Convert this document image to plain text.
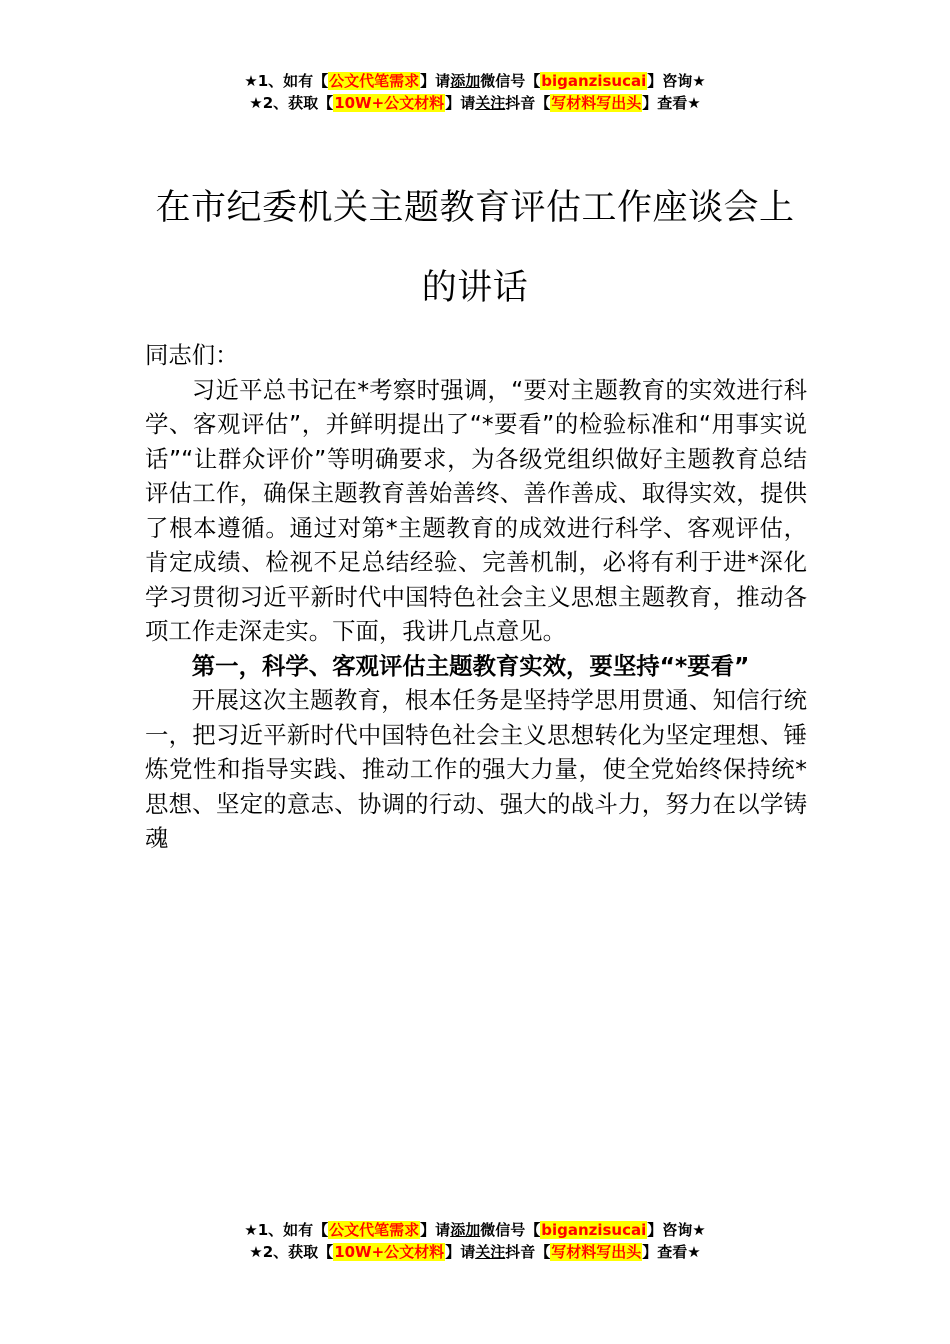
★1、如有【公文代笔需求】请添加微信号【biganzisucai】咨询★
★2、获取【10W+公文材料】请关注抖音【写材料写出头】查看★
在市纪委机关主题教育评估工作座谈会上的讲话

同志们：

习近平总书记在*考察时强调，“要对主题教育的实效进行科学、客观评估”，并鲜明提出了“*要看”的检验标准和“用事实说话”“让群众评价”等明确要求，为各级党组织做好主题教育总结评估工作，确保主题教育善始善终、善作善成、取得实效，提供了根本遵循。通过对第*主题教育的成效进行科学、客观评估，肯定成绩、检视不足总结经验、完善机制，必将有利于进*深化学习贯彻习近平新时代中国特色社会主义思想主题教育，推动各项工作走深走实。下面，我讲几点意见。

第一，科学、客观评估主题教育实效，要坚持“*要看”

开展这次主题教育，根本任务是坚持学思用贯通、知信行统一，把习近平新时代中国特色社会主义思想转化为坚定理想、锤炼党性和指导实践、推动工作的强大力量，使全党始终保持统*思想、坚定的意志、协调的行动、强大的战斗力，努力在以学铸魂

★1、如有【公文代笔需求】请添加微信号【biganzisucai】咨询★
★2、获取【10W+公文材料】请关注抖音【写材料写出头】查看★
